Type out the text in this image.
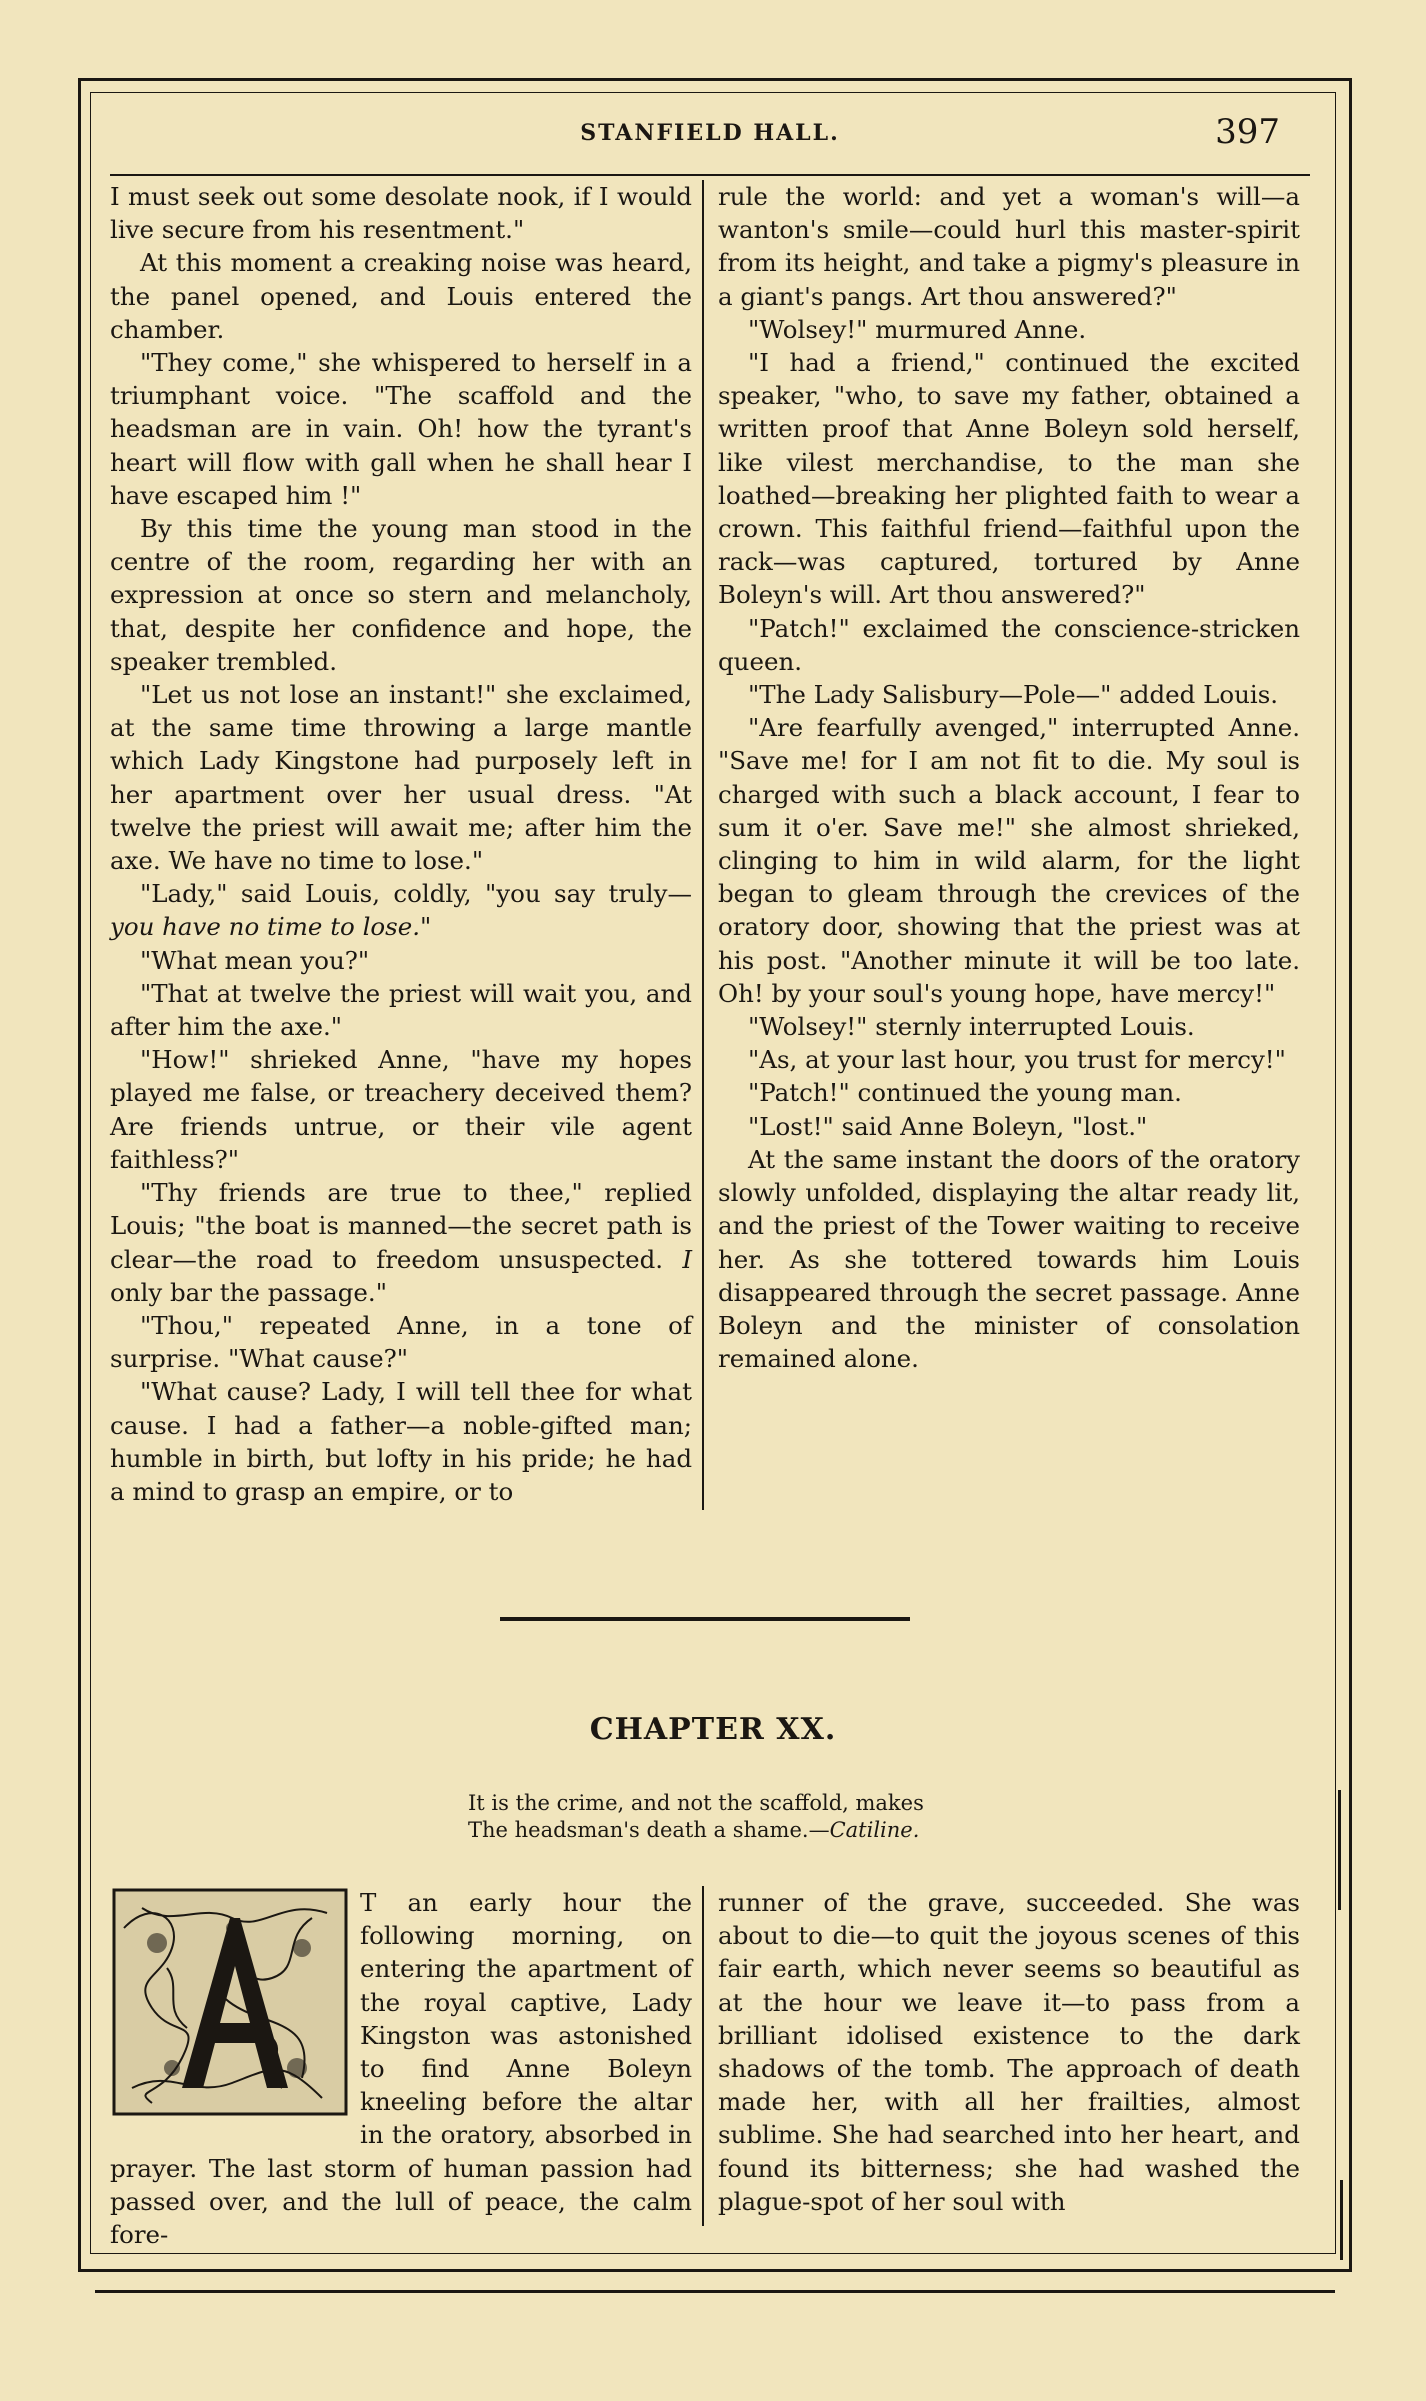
STANFIELD HALL.	397

I must seek out some desolate nook, if I would live secure from his resentment."

At this moment a creaking noise was heard, the panel opened, and Louis entered the chamber.

"They come," she whispered to herself in a triumphant voice. "The scaffold and the headsman are in vain. Oh! how the tyrant's heart will flow with gall when he shall hear I have escaped him !"

By this time the young man stood in the centre of the room, regarding her with an expression at once so stern and melancholy, that, despite her confidence and hope, the speaker trembled.

"Let us not lose an instant!" she exclaimed, at the same time throwing a large mantle which Lady Kingstone had purposely left in her apartment over her usual dress. "At twelve the priest will await me; after him the axe. We have no time to lose."

"Lady," said Louis, coldly, "you say truly—you have no time to lose."

"What mean you?"

"That at twelve the priest will wait you, and after him the axe."

"How!" shrieked Anne, "have my hopes played me false, or treachery deceived them? Are friends untrue, or their vile agent faithless?"

"Thy friends are true to thee," replied Louis; "the boat is manned—the secret path is clear—the road to freedom unsuspected. I only bar the passage."

"Thou," repeated Anne, in a tone of surprise. "What cause?"

"What cause? Lady, I will tell thee for what cause. I had a father—a noble-gifted man; humble in birth, but lofty in his pride; he had a mind to grasp an empire, or to

rule the world: and yet a woman's will—a wanton's smile—could hurl this master-spirit from its height, and take a pigmy's pleasure in a giant's pangs. Art thou answered?"

"Wolsey!" murmured Anne.

"I had a friend," continued the excited speaker, "who, to save my father, obtained a written proof that Anne Boleyn sold herself, like vilest merchandise, to the man she loathed—breaking her plighted faith to wear a crown. This faithful friend—faithful upon the rack—was captured, tortured by Anne Boleyn's will. Art thou answered?"

"Patch!" exclaimed the conscience-stricken queen.

"The Lady Salisbury—Pole—" added Louis.

"Are fearfully avenged," interrupted Anne. "Save me! for I am not fit to die. My soul is charged with such a black account, I fear to sum it o'er. Save me!" she almost shrieked, clinging to him in wild alarm, for the light began to gleam through the crevices of the oratory door, showing that the priest was at his post. "Another minute it will be too late. Oh! by your soul's young hope, have mercy!"

"Wolsey!" sternly interrupted Louis.

"As, at your last hour, you trust for mercy!"

"Patch!" continued the young man.

"Lost!" said Anne Boleyn, "lost."

At the same instant the doors of the oratory slowly unfolded, displaying the altar ready lit, and the priest of the Tower waiting to receive her. As she tottered towards him Louis disappeared through the secret passage. Anne Boleyn and the minister of consolation remained alone.

CHAPTER XX.
It is the crime, and not the scaffold, makes
The headsman's death a shame.—Catiline.

T an early hour the following morning, on entering the apartment of the royal captive, Lady Kingston was astonished to find Anne Boleyn kneeling before the altar in the oratory, absorbed in prayer. The last storm of human passion had passed over, and the lull of peace, the calm fore-

runner of the grave, succeeded. She was about to die—to quit the joyous scenes of this fair earth, which never seems so beautiful as at the hour we leave it—to pass from a brilliant idolised existence to the dark shadows of the tomb. The approach of death made her, with all her frailties, almost sublime. She had searched into her heart, and found its bitterness; she had washed the plague-spot of her soul with
